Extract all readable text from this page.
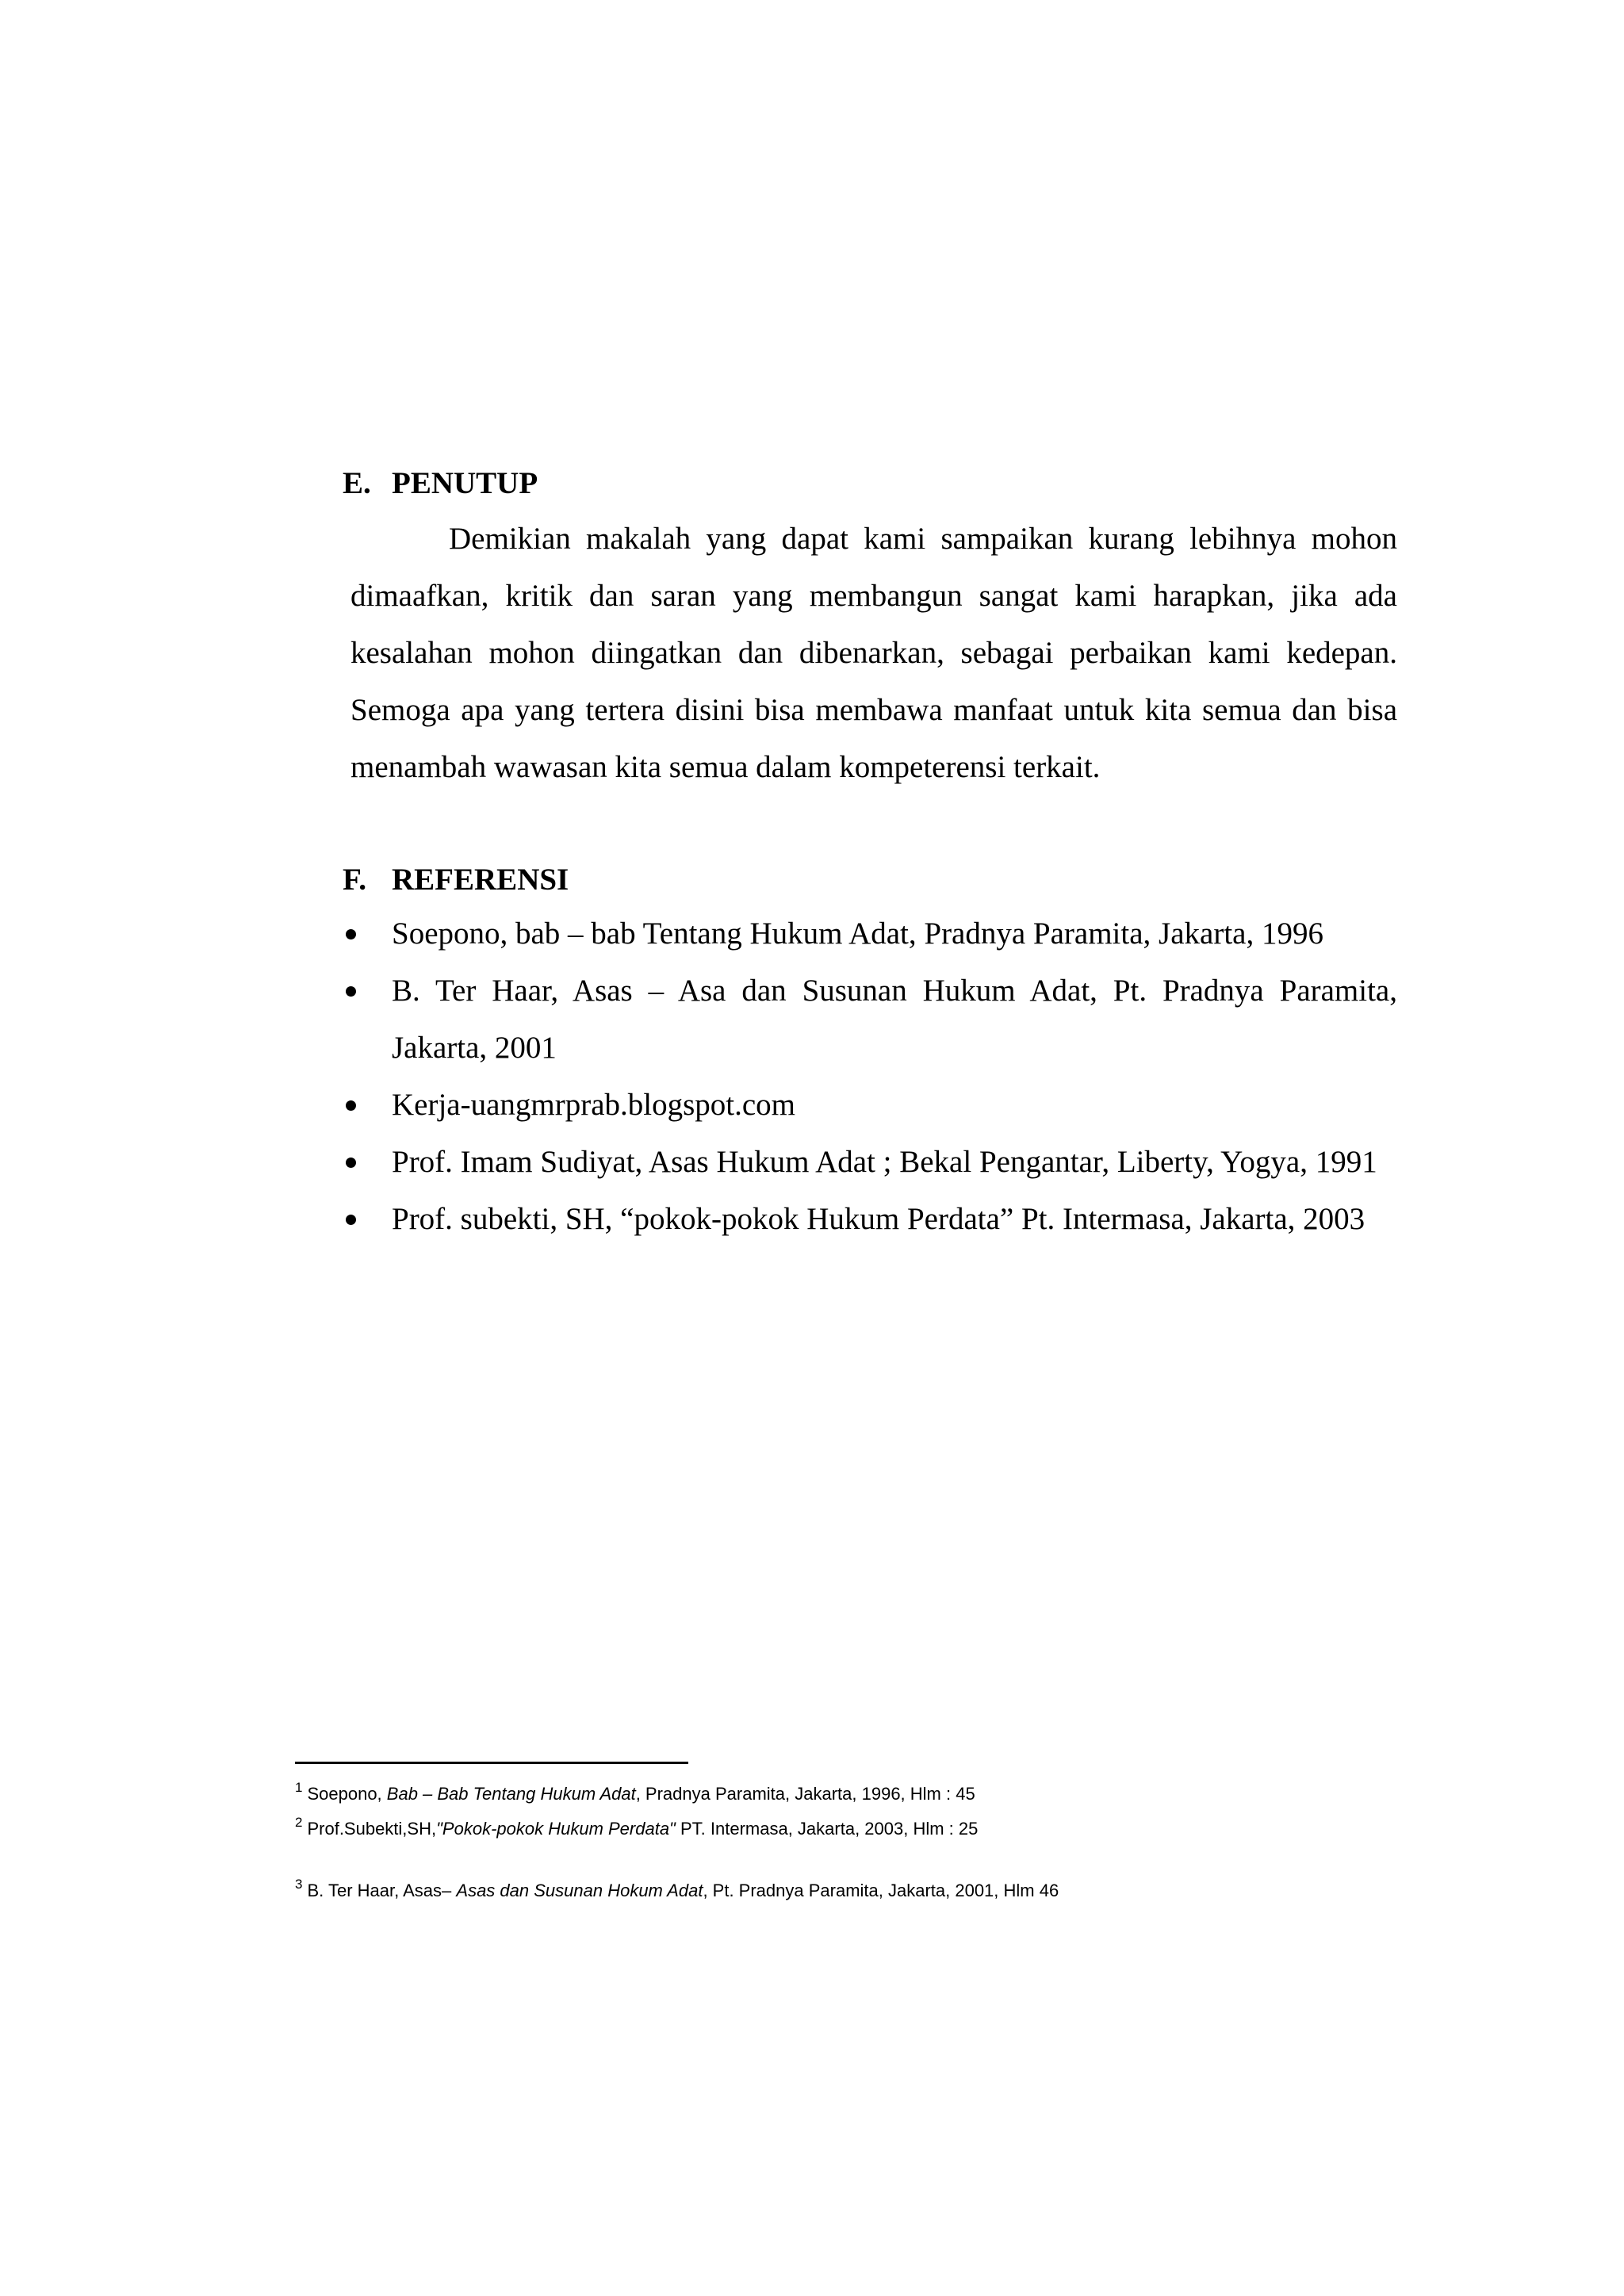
E. PENUTUP

Demikian makalah yang dapat kami sampaikan kurang lebihnya mohon dimaafkan, kritik dan saran yang membangun sangat kami harapkan, jika ada kesalahan mohon diingatkan dan dibenarkan, sebagai perbaikan kami kedepan. Semoga apa yang tertera disini bisa membawa manfaat untuk kita semua dan bisa menambah wawasan kita semua dalam kompeterensi terkait.

F. REFERENSI
Soepono, bab – bab Tentang Hukum Adat, Pradnya Paramita, Jakarta, 1996
B. Ter Haar, Asas – Asa dan Susunan Hukum Adat, Pt. Pradnya Paramita, Jakarta, 2001
Kerja-uangmrprab.blogspot.com
Prof. Imam Sudiyat, Asas Hukum Adat ; Bekal Pengantar, Liberty, Yogya, 1991
Prof. subekti, SH, “pokok-pokok Hukum Perdata” Pt. Intermasa, Jakarta, 2003
$^1$ Soepono, Bab – Bab Tentang Hukum Adat, Pradnya Paramita, Jakarta, 1996, Hlm : 45
$^2$ Prof.Subekti,SH,"Pokok-pokok Hukum Perdata" PT. Intermasa, Jakarta, 2003, Hlm : 25
$^3$ B. Ter Haar, Asas– Asas dan Susunan Hokum Adat, Pt. Pradnya Paramita, Jakarta, 2001, Hlm 46
